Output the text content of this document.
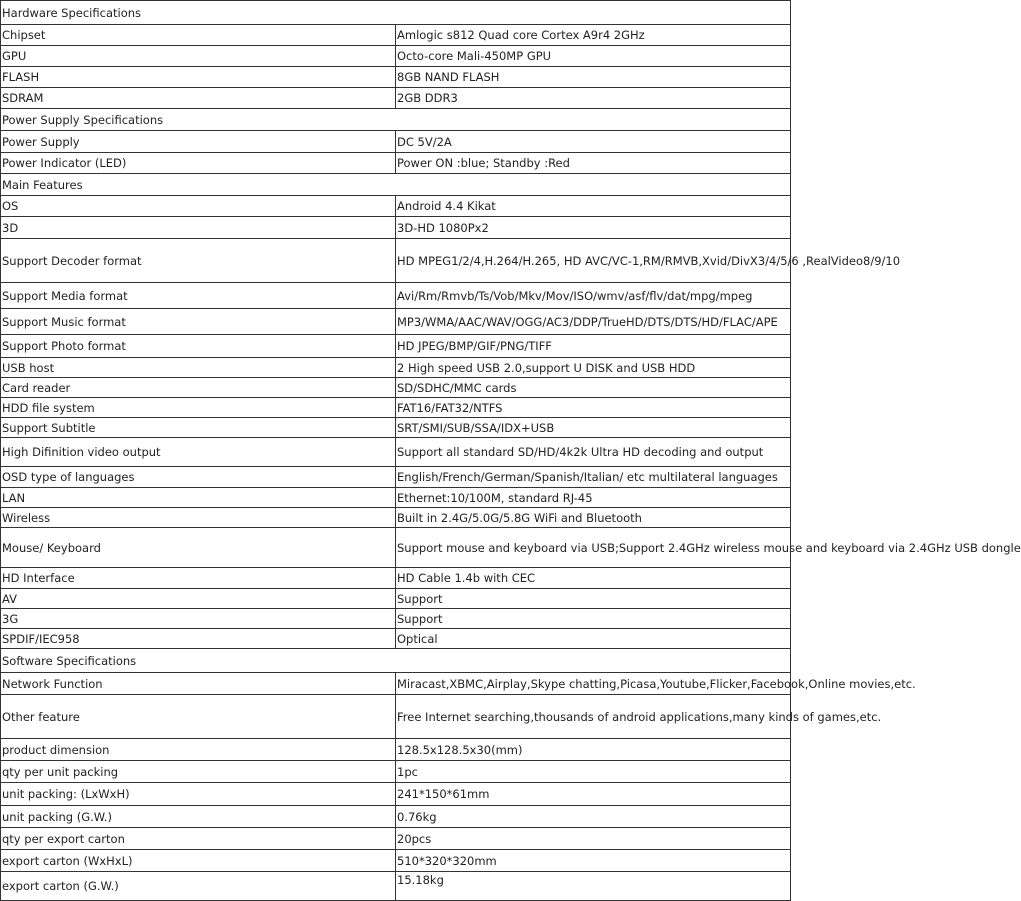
Hardware Specifications	
Chipset	Amlogic s812 Quad core Cortex A9r4 2GHz
GPU	Octo-core Mali-450MP GPU
FLASH	8GB NAND FLASH
SDRAM	2GB DDR3
Power Supply Specifications	
Power Supply	DC 5V/2A
Power Indicator (LED)	Power ON :blue; Standby :Red
Main Features	
OS	Android 4.4 Kikat
3D	3D-HD 1080Px2
Support Decoder format	HD MPEG1/2/4,H.264/H.265, HD AVC/VC-1,RM/RMVB,Xvid/DivX3/4/5/6 ,RealVideo8/9/10
Support Media format	Avi/Rm/Rmvb/Ts/Vob/Mkv/Mov/ISO/wmv/asf/flv/dat/mpg/mpeg
Support Music format	MP3/WMA/AAC/WAV/OGG/AC3/DDP/TrueHD/DTS/DTS/HD/FLAC/APE
Support Photo format	HD JPEG/BMP/GIF/PNG/TIFF
USB host	2 High speed USB 2.0,support U DISK and USB HDD
Card reader	SD/SDHC/MMC cards
HDD file system	FAT16/FAT32/NTFS
Support Subtitle	SRT/SMI/SUB/SSA/IDX+USB
High Difinition video output	Support all standard SD/HD/4k2k Ultra HD decoding and output
OSD type of languages	English/French/German/Spanish/Italian/ etc multilateral languages
LAN	Ethernet:10/100M, standard RJ-45
Wireless	Built in 2.4G/5.0G/5.8G WiFi and Bluetooth
Mouse/ Keyboard	Support mouse and keyboard via USB;Support 2.4GHz wireless mouse and keyboard via 2.4GHz USB dongle
HD Interface	HD Cable 1.4b with CEC
AV	Support
3G	Support
SPDIF/IEC958	Optical
Software Specifications	
Network Function	Miracast,XBMC,Airplay,Skype chatting,Picasa,Youtube,Flicker,Facebook,Online movies,etc.
Other feature	Free Internet searching,thousands of android applications,many kinds of games,etc.
product dimension	128.5x128.5x30(mm)
qty per unit packing	1pc
unit packing: (LxWxH)	241*150*61mm
unit packing (G.W.)	0.76kg
qty per export carton	20pcs
export carton (WxHxL)	510*320*320mm
export carton (G.W.)	15.18kg
